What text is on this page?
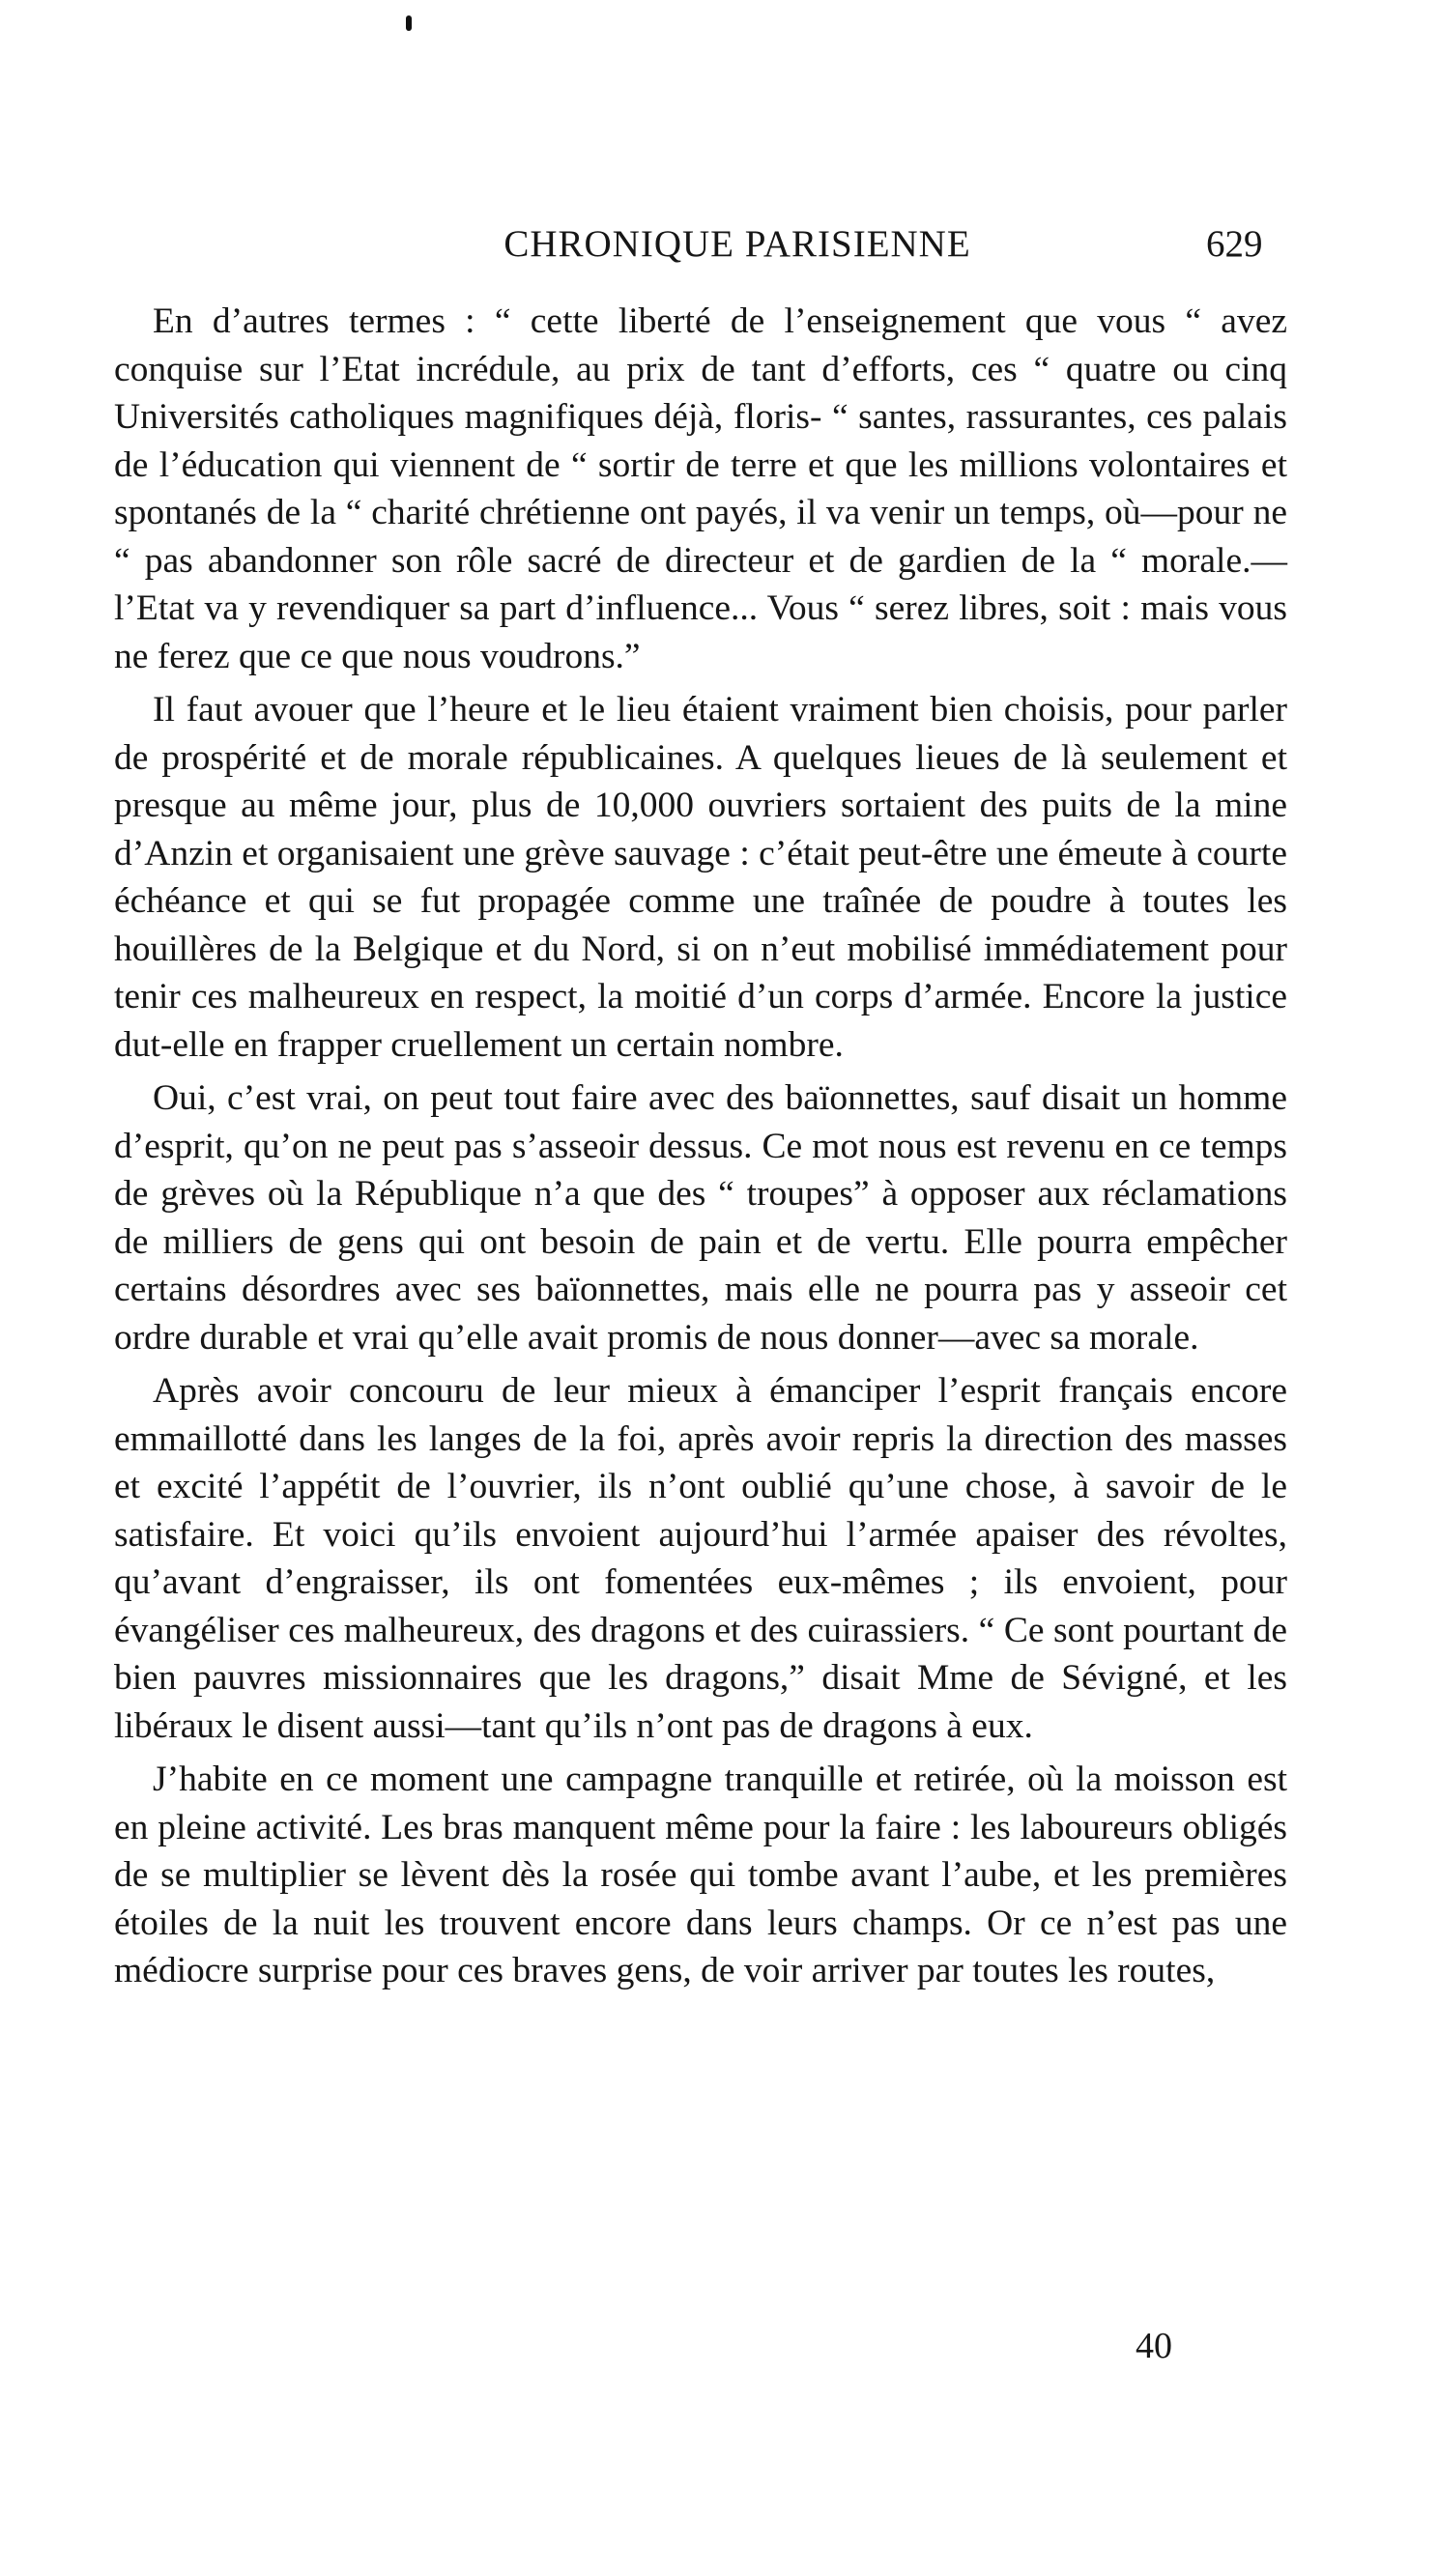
CHRONIQUE PARISIENNE	629

En d’autres termes : “ cette liberté de l’enseignement que vous “ avez conquise sur l’Etat incrédule, au prix de tant d’efforts, ces “ quatre ou cinq Universités catholiques magnifiques déjà, floris- “ santes, rassurantes, ces palais de l’éducation qui viennent de “ sortir de terre et que les millions volontaires et spontanés de la “ charité chrétienne ont payés, il va venir un temps, où—pour ne “ pas abandonner son rôle sacré de directeur et de gardien de la “ morale.—l’Etat va y revendiquer sa part d’influence... Vous “ serez libres, soit : mais vous ne ferez que ce que nous voudrons.”

Il faut avouer que l’heure et le lieu étaient vraiment bien choisis, pour parler de prospérité et de morale républicaines. A quelques lieues de là seulement et presque au même jour, plus de 10,000 ouvriers sortaient des puits de la mine d’Anzin et organisaient une grève sauvage : c’était peut-être une émeute à courte échéance et qui se fut propagée comme une traînée de poudre à toutes les houillères de la Belgique et du Nord, si on n’eut mobilisé immédiatement pour tenir ces malheureux en respect, la moitié d’un corps d’armée. Encore la justice dut-elle en frapper cruellement un certain nombre.

Oui, c’est vrai, on peut tout faire avec des baïonnettes, sauf disait un homme d’esprit, qu’on ne peut pas s’asseoir dessus. Ce mot nous est revenu en ce temps de grèves où la République n’a que des “ troupes” à opposer aux réclamations de milliers de gens qui ont besoin de pain et de vertu. Elle pourra empêcher certains désordres avec ses baïonnettes, mais elle ne pourra pas y asseoir cet ordre durable et vrai qu’elle avait promis de nous donner—avec sa morale.

Après avoir concouru de leur mieux à émanciper l’esprit français encore emmaillotté dans les langes de la foi, après avoir repris la direction des masses et excité l’appétit de l’ouvrier, ils n’ont oublié qu’une chose, à savoir de le satisfaire. Et voici qu’ils envoient aujourd’hui l’armée apaiser des révoltes, qu’avant d’engraisser, ils ont fomentées eux-mêmes ; ils envoient, pour évangéliser ces malheureux, des dragons et des cuirassiers. “ Ce sont pourtant de bien pauvres missionnaires que les dragons,” disait Mme de Sévigné, et les libéraux le disent aussi—tant qu’ils n’ont pas de dragons à eux.

J’habite en ce moment une campagne tranquille et retirée, où la moisson est en pleine activité. Les bras manquent même pour la faire : les laboureurs obligés de se multiplier se lèvent dès la rosée qui tombe avant l’aube, et les premières étoiles de la nuit les trouvent encore dans leurs champs. Or ce n’est pas une médiocre surprise pour ces braves gens, de voir arriver par toutes les routes,

40
